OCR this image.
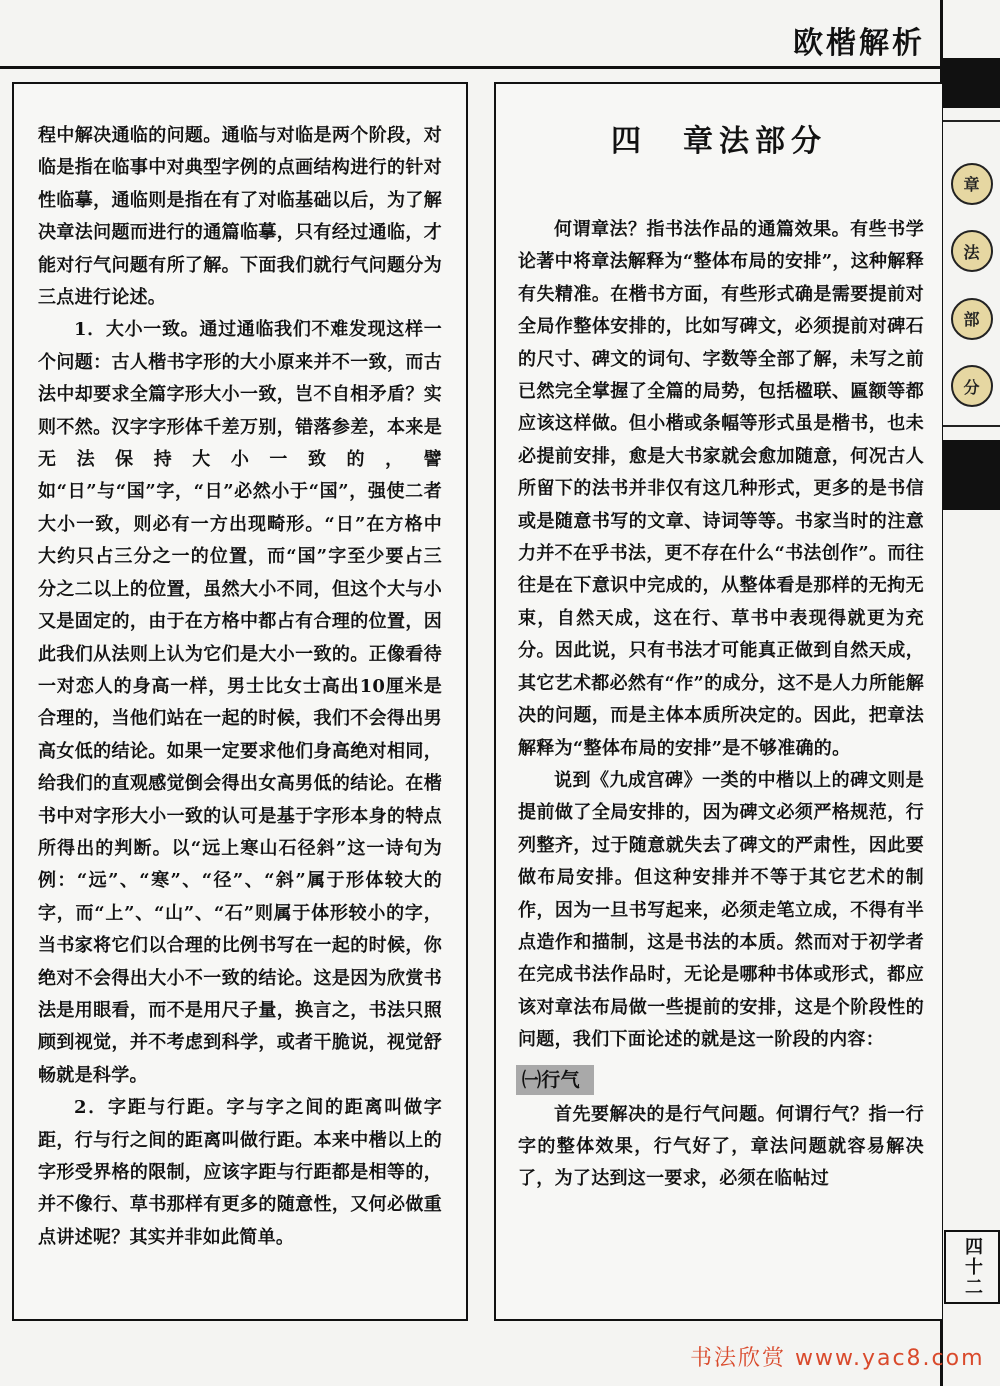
欧楷解析
章
法
部
分
四十二

程中解决通临的问题。通临与对临是两个阶段，对临是指在临事中对典型字例的点画结构进行的针对性临摹，通临则是指在有了对临基础以后，为了解决章法问题而进行的通篇临摹，只有经过通临，才能对行气问题有所了解。下面我们就行气问题分为三点进行论述。

1．大小一致。通过通临我们不难发现这样一个问题：古人楷书字形的大小原来并不一致，而古法中却要求全篇字形大小一致，岂不自相矛盾？实则不然。汉字字形体千差万别，错落参差，本来是无法保持大小一致的，譬如“日”与“国”字，“日”必然小于“国”，强使二者大小一致，则必有一方出现畸形。“日”在方格中大约只占三分之一的位置，而“国”字至少要占三分之二以上的位置，虽然大小不同，但这个大与小又是固定的，由于在方格中都占有合理的位置，因此我们从法则上认为它们是大小一致的。正像看待一对恋人的身高一样，男士比女士高出10厘米是合理的，当他们站在一起的时候，我们不会得出男高女低的结论。如果一定要求他们身高绝对相同，给我们的直观感觉倒会得出女高男低的结论。在楷书中对字形大小一致的认可是基于字形本身的特点所得出的判断。以“远上寒山石径斜”这一诗句为例：“远”、“寒”、“径”、“斜”属于形体较大的字，而“上”、“山”、“石”则属于体形较小的字，当书家将它们以合理的比例书写在一起的时候，你绝对不会得出大小不一致的结论。这是因为欣赏书法是用眼看，而不是用尺子量，换言之，书法只照顾到视觉，并不考虑到科学，或者干脆说，视觉舒畅就是科学。

2．字距与行距。字与字之间的距离叫做字距，行与行之间的距离叫做行距。本来中楷以上的字形受界格的限制，应该字距与行距都是相等的，并不像行、草书那样有更多的随意性，又何必做重点讲述呢？其实并非如此简单。

四　章法部分

何谓章法？指书法作品的通篇效果。有些书学论著中将章法解释为“整体布局的安排”，这种解释有失精准。在楷书方面，有些形式确是需要提前对全局作整体安排的，比如写碑文，必须提前对碑石的尺寸、碑文的词句、字数等全部了解，未写之前已然完全掌握了全篇的局势，包括楹联、匾额等都应该这样做。但小楷或条幅等形式虽是楷书，也未必提前安排，愈是大书家就会愈加随意，何况古人所留下的法书并非仅有这几种形式，更多的是书信或是随意书写的文章、诗词等等。书家当时的注意力并不在乎书法，更不存在什么“书法创作”。而往往是在下意识中完成的，从整体看是那样的无拘无束，自然天成，这在行、草书中表现得就更为充分。因此说，只有书法才可能真正做到自然天成，其它艺术都必然有“作”的成分，这不是人力所能解决的问题，而是主体本质所决定的。因此，把章法解释为“整体布局的安排”是不够准确的。

说到《九成宫碑》一类的中楷以上的碑文则是提前做了全局安排的，因为碑文必须严格规范，行列整齐，过于随意就失去了碑文的严肃性，因此要做布局安排。但这种安排并不等于其它艺术的制作，因为一旦书写起来，必须走笔立成，不得有半点造作和描制，这是书法的本质。然而对于初学者在完成书法作品时，无论是哪种书体或形式，都应该对章法布局做一些提前的安排，这是个阶段性的问题，我们下面论述的就是这一阶段的内容：

㈠行气

首先要解决的是行气问题。何谓行气？指一行字的整体效果，行气好了，章法问题就容易解决了，为了达到这一要求，必须在临帖过

书法欣赏 www.yac8.com
